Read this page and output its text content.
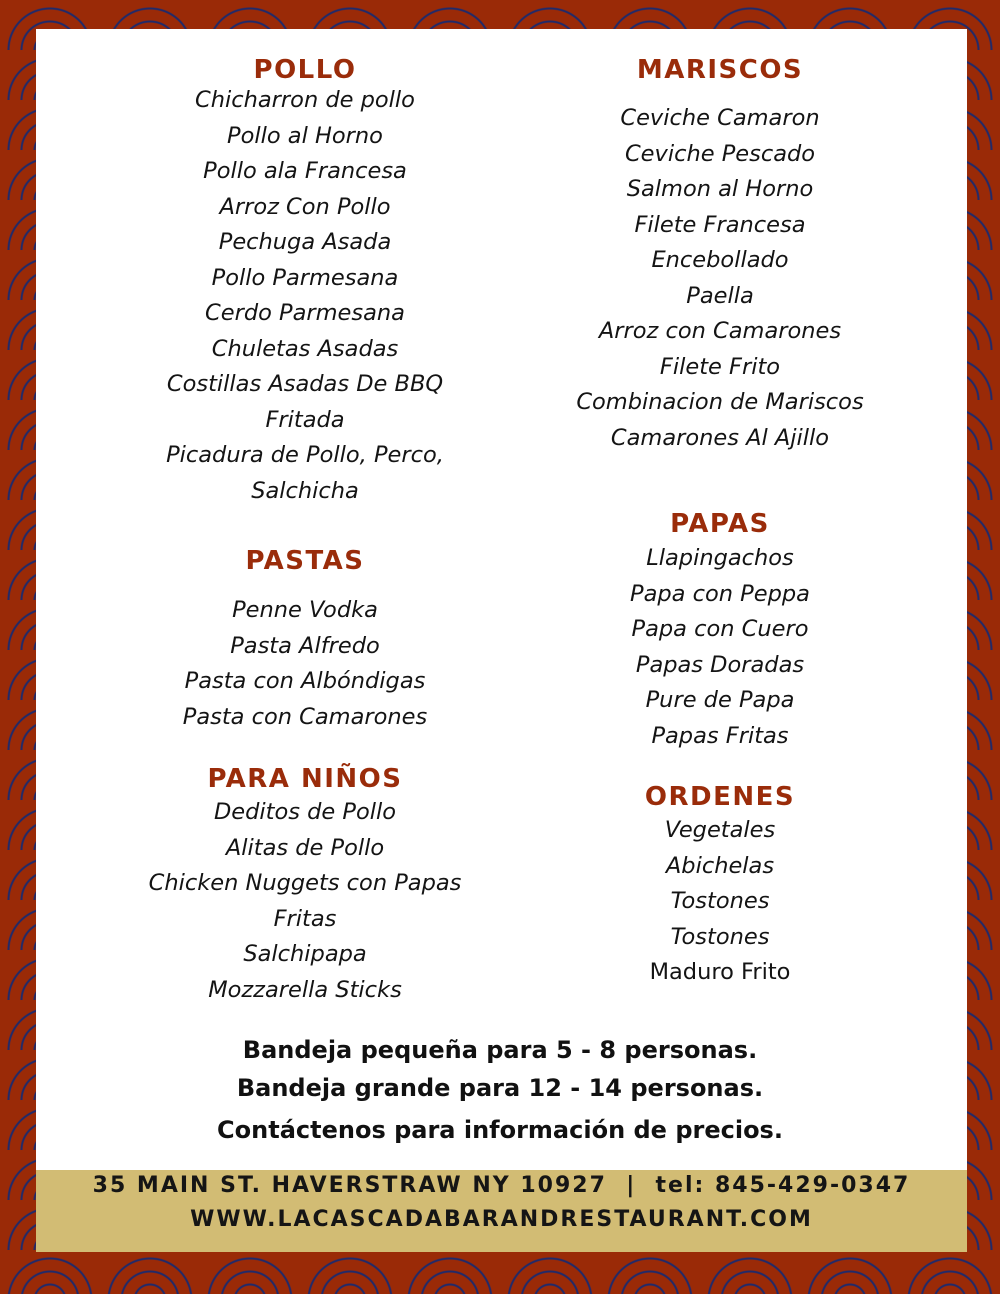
POLLO
Chicharron de pollo
Pollo al Horno
Pollo ala Francesa
Arroz Con Pollo
Pechuga Asada
Pollo Parmesana
Cerdo Parmesana
Chuletas Asadas
Costillas Asadas De BBQ
Fritada
Picadura de Pollo, Perco,
Salchicha
PASTAS
Penne Vodka
Pasta Alfredo
Pasta con Albóndigas
Pasta con Camarones
PARA NIÑOS
Deditos de Pollo
Alitas de Pollo
Chicken Nuggets con Papas
Fritas
Salchipapa
Mozzarella Sticks
MARISCOS
Ceviche Camaron
Ceviche Pescado
Salmon al Horno
Filete Francesa
Encebollado
Paella
Arroz con Camarones
Filete Frito
Combinacion de Mariscos
Camarones Al Ajillo
PAPAS
Llapingachos
Papa con Peppa
Papa con Cuero
Papas Doradas
Pure de Papa
Papas Fritas
ORDENES
Vegetales
Abichelas
Tostones
Tostones
Maduro Frito
Bandeja pequeña para 5 - 8 personas.
Bandeja grande para 12 - 14 personas.
Contáctenos para información de precios.
35 MAIN ST. HAVERSTRAW NY 10927  |  tel: 845-429-0347
WWW.LACASCADABARANDRESTAURANT.COM
